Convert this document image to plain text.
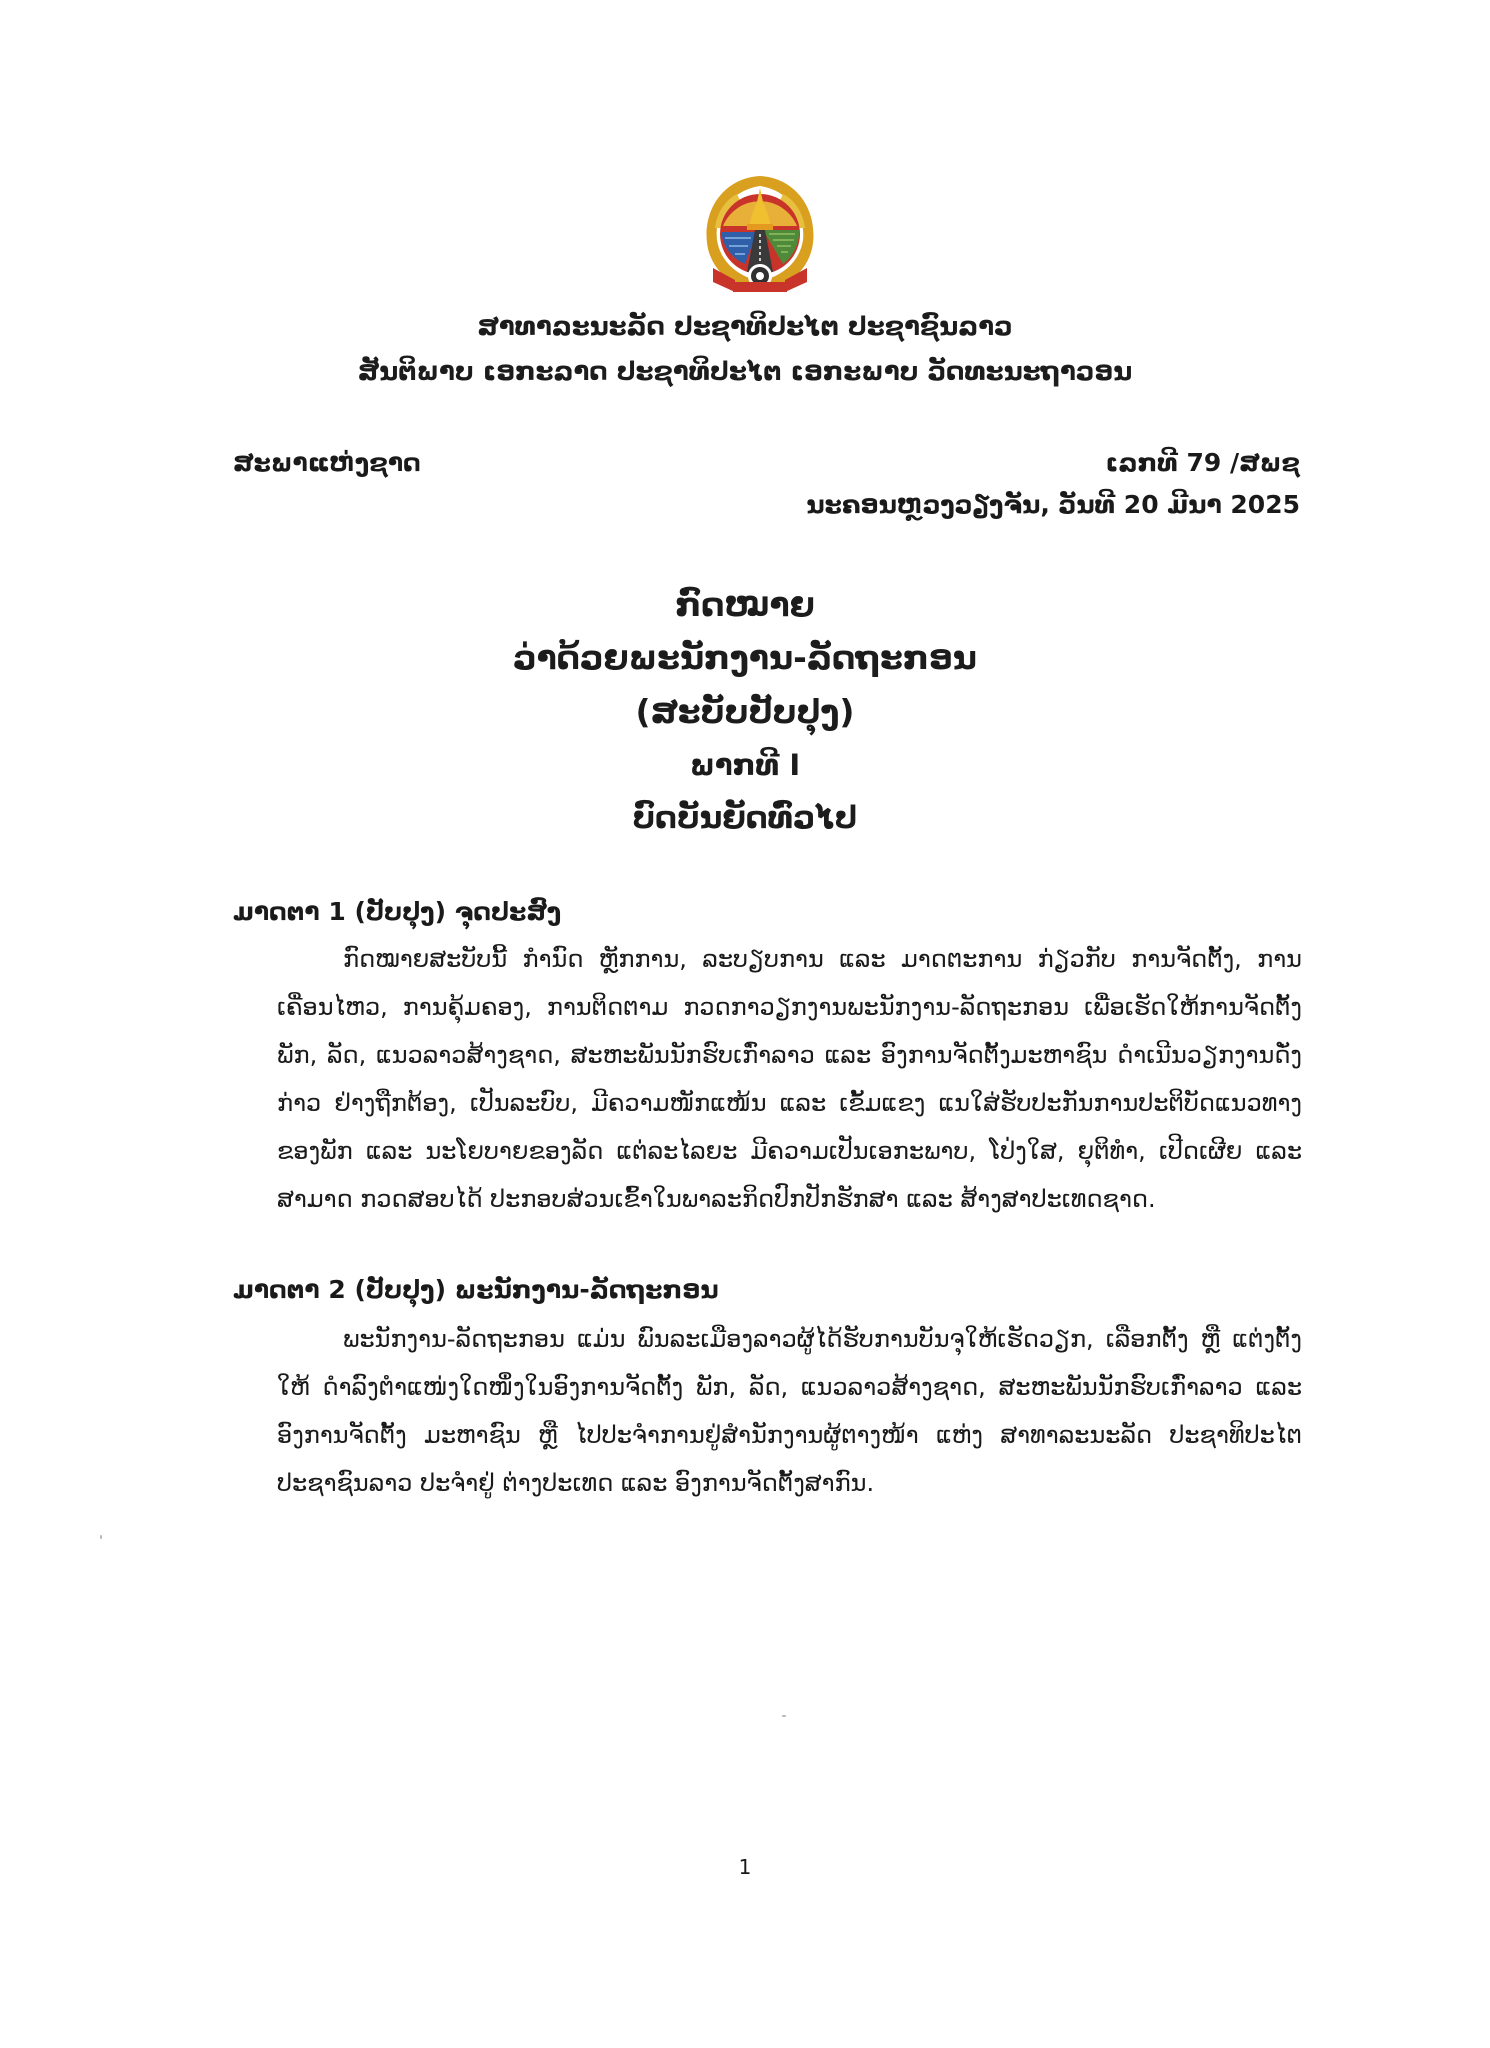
ສາທາລະນະລັດ ປະຊາທິປະໄຕ ປະຊາຊົນລາວ
ສັນຕິພາບ ເອກະລາດ ປະຊາທິປະໄຕ ເອກະພາບ ວັດທະນະຖາວອນ
ສະພາແຫ່ງຊາດ	ເລກທີ 79 /ສພຊ
ນະຄອນຫຼວງວຽງຈັນ, ວັນທີ 20 ມີນາ 2025
ກົດໝາຍ
ວ່າດ້ວຍພະນັກງານ-ລັດຖະກອນ
(ສະບັບປັບປຸງ)
ພາກທີ I
ບົດບັນຍັດທົ່ວໄປ
ມາດຕາ 1 (ປັບປຸງ) ຈຸດປະສົງ

ກົດໝາຍສະບັບນີ້ ກຳນົດ ຫຼັກການ, ລະບຽບການ ແລະ ມາດຕະການ ກ່ຽວກັບ ການຈັດຕັ້ງ, ການເຄື່ອນໄຫວ, ການຄຸ້ມຄອງ, ການຕິດຕາມ ກວດກາວຽກງານພະນັກງານ-ລັດຖະກອນ ເພື່ອເຮັດໃຫ້ການຈັດຕັ້ງ ພັກ, ລັດ, ແນວລາວສ້າງຊາດ, ສະຫະພັນນັກຮົບເກົ່າລາວ ແລະ ອົງການຈັດຕັ້ງມະຫາຊົນ ດຳເນີນວຽກງານດັ່ງກ່າວ ຢ່າງຖືກຕ້ອງ, ເປັນລະບົບ, ມີຄວາມໜັກແໜ້ນ ແລະ ເຂັ້ມແຂງ ແນໃສ່ຮັບປະກັນການປະຕິບັດແນວທາງ ຂອງພັກ ແລະ ນະໂຍບາຍຂອງລັດ ແຕ່ລະໄລຍະ ມີຄວາມເປັນເອກະພາບ, ໂປ່ງໃສ, ຍຸຕິທຳ, ເປີດເຜີຍ ແລະ ສາມາດ ກວດສອບໄດ້ ປະກອບສ່ວນເຂົ້າໃນພາລະກິດປົກປັກຮັກສາ ແລະ ສ້າງສາປະເທດຊາດ.

ມາດຕາ 2 (ປັບປຸງ) ພະນັກງານ-ລັດຖະກອນ

ພະນັກງານ-ລັດຖະກອນ ແມ່ນ ພົນລະເມືອງລາວຜູ້ໄດ້ຮັບການບັນຈຸໃຫ້ເຮັດວຽກ, ເລືອກຕັ້ງ ຫຼື ແຕ່ງຕັ້ງໃຫ້ ດຳລົງຕຳແໜ່ງໃດໜຶ່ງໃນອົງການຈັດຕັ້ງ ພັກ, ລັດ, ແນວລາວສ້າງຊາດ, ສະຫະພັນນັກຮົບເກົ່າລາວ ແລະ ອົງການຈັດຕັ້ງ ມະຫາຊົນ ຫຼື ໄປປະຈຳການຢູ່ສຳນັກງານຜູ້ຕາງໜ້າ ແຫ່ງ ສາທາລະນະລັດ ປະຊາທິປະໄຕ ປະຊາຊົນລາວ ປະຈຳຢູ່ ຕ່າງປະເທດ ແລະ ອົງການຈັດຕັ້ງສາກົນ.

1
